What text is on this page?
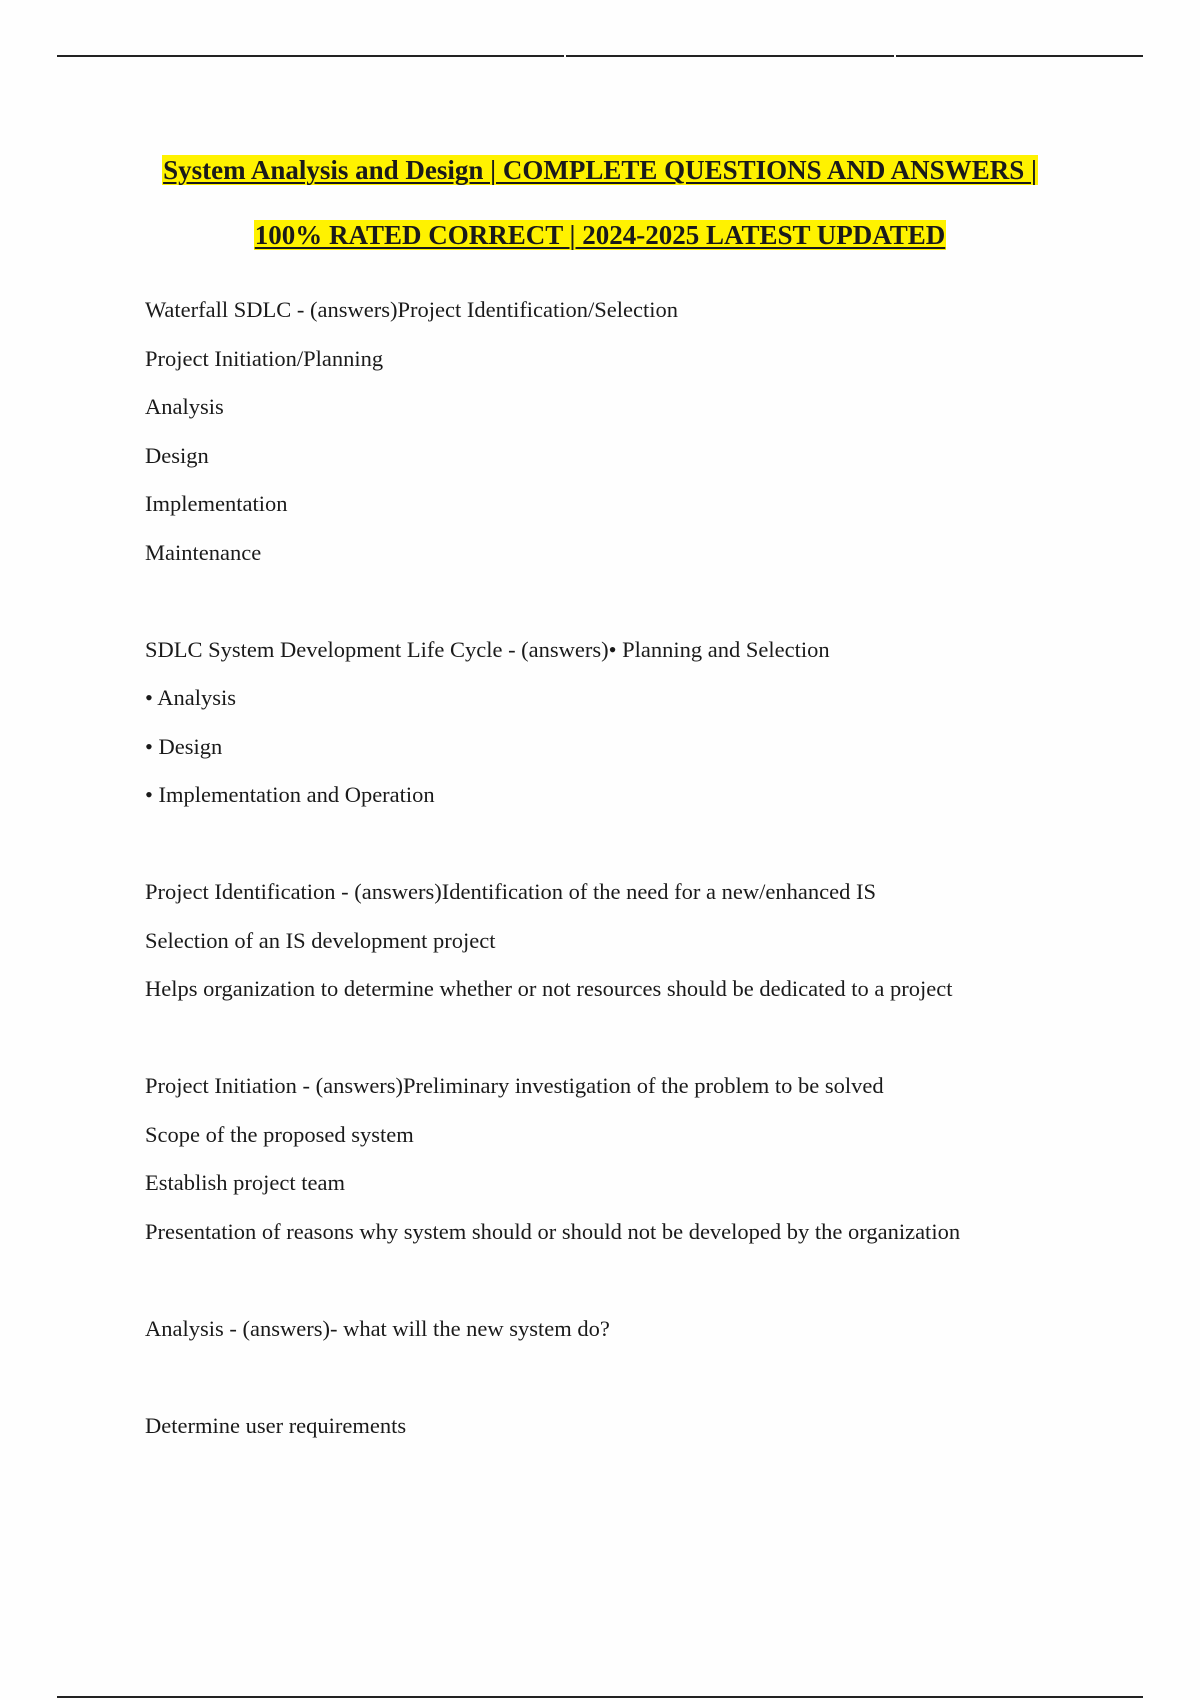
System Analysis and Design | COMPLETE QUESTIONS AND ANSWERS |
100% RATED CORRECT | 2024-2025 LATEST UPDATED
Waterfall SDLC - (answers)Project Identification/Selection
Project Initiation/Planning
Analysis
Design
Implementation
Maintenance
SDLC System Development Life Cycle - (answers)• Planning and Selection
• Analysis
• Design
• Implementation and Operation
Project Identification - (answers)Identification of the need for a new/enhanced IS
Selection of an IS development project
Helps organization to determine whether or not resources should be dedicated to a project
Project Initiation - (answers)Preliminary investigation of the problem to be solved
Scope of the proposed system
Establish project team
Presentation of reasons why system should or should not be developed by the organization
Analysis - (answers)- what will the new system do?
Determine user requirements
